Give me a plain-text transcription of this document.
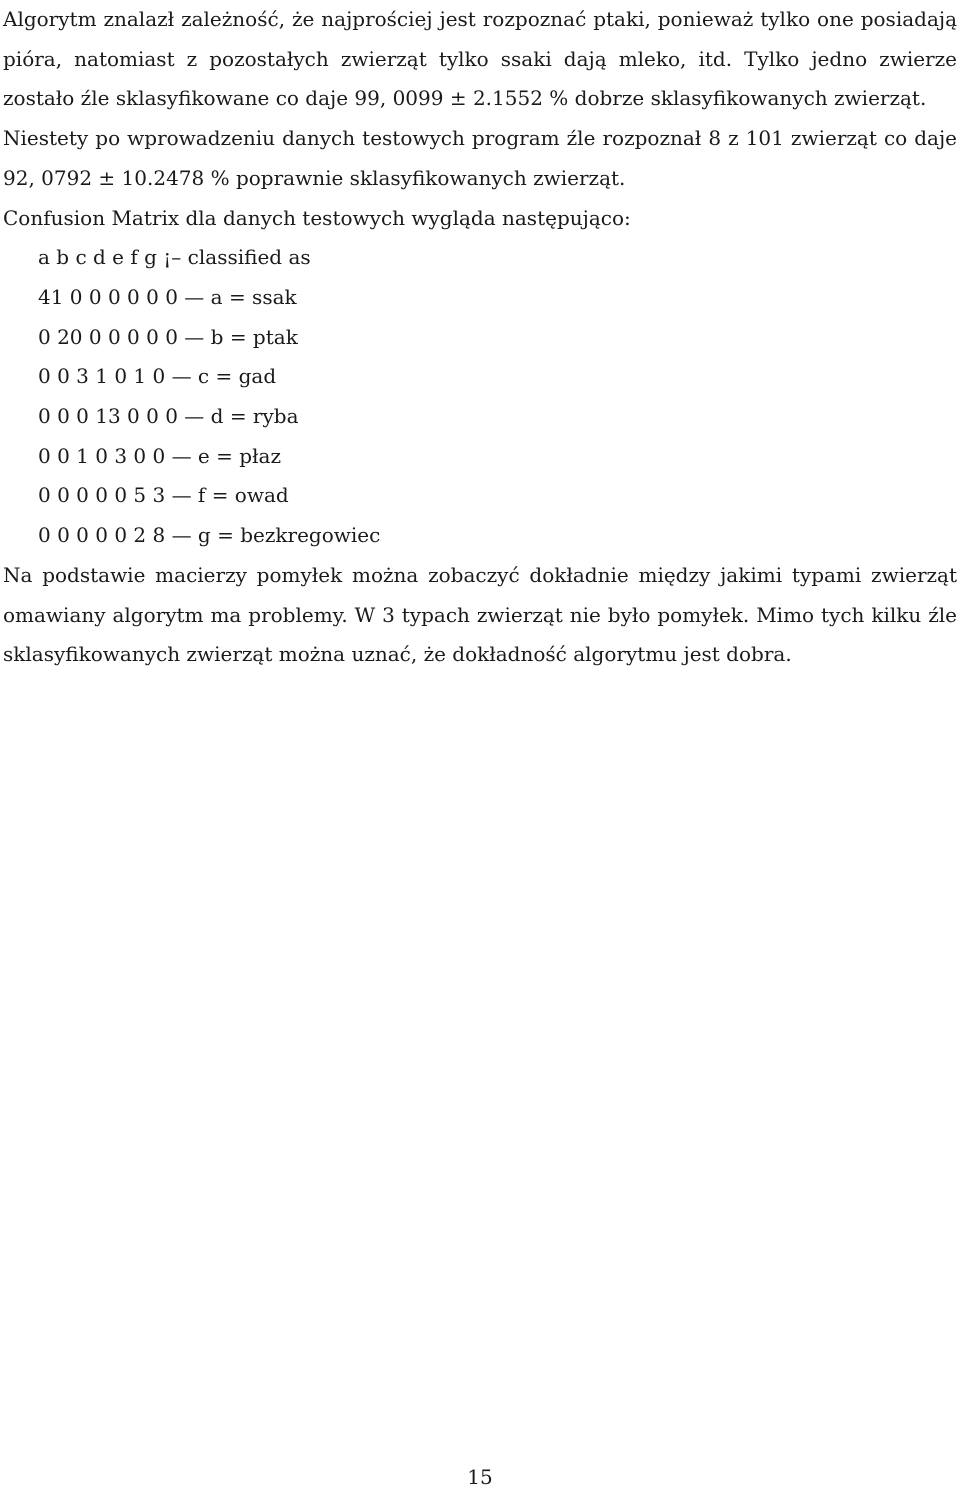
Algorytm znalazł zależność, że najprościej jest rozpoznać ptaki, ponieważ tylko one posiadają pióra, natomiast z pozostałych zwierząt tylko ssaki dają mleko, itd. Tylko jedno zwierze zostało źle sklasyfikowane co daje 99, 0099 ± 2.1552 % dobrze sklasyfikowanych zwierząt.

Niestety po wprowadzeniu danych testowych program źle rozpoznał 8 z 101 zwierząt co daje 92, 0792 ± 10.2478 % poprawnie sklasyfikowanych zwierząt.

Confusion Matrix dla danych testowych wygląda następująco:

a b c d e f g ¡– classified as
41 0 0 0 0 0 0 — a = ssak
0 20 0 0 0 0 0 — b = ptak
0 0 3 1 0 1 0 — c = gad
0 0 0 13 0 0 0 — d = ryba
0 0 1 0 3 0 0 — e = płaz
0 0 0 0 0 5 3 — f = owad
0 0 0 0 0 2 8 — g = bezkregowiec

Na podstawie macierzy pomyłek można zobaczyć dokładnie między jakimi typami zwierząt omawiany algorytm ma problemy. W 3 typach zwierząt nie było pomyłek. Mimo tych kilku źle sklasyfikowanych zwierząt można uznać, że dokładność algorytmu jest dobra.

15
